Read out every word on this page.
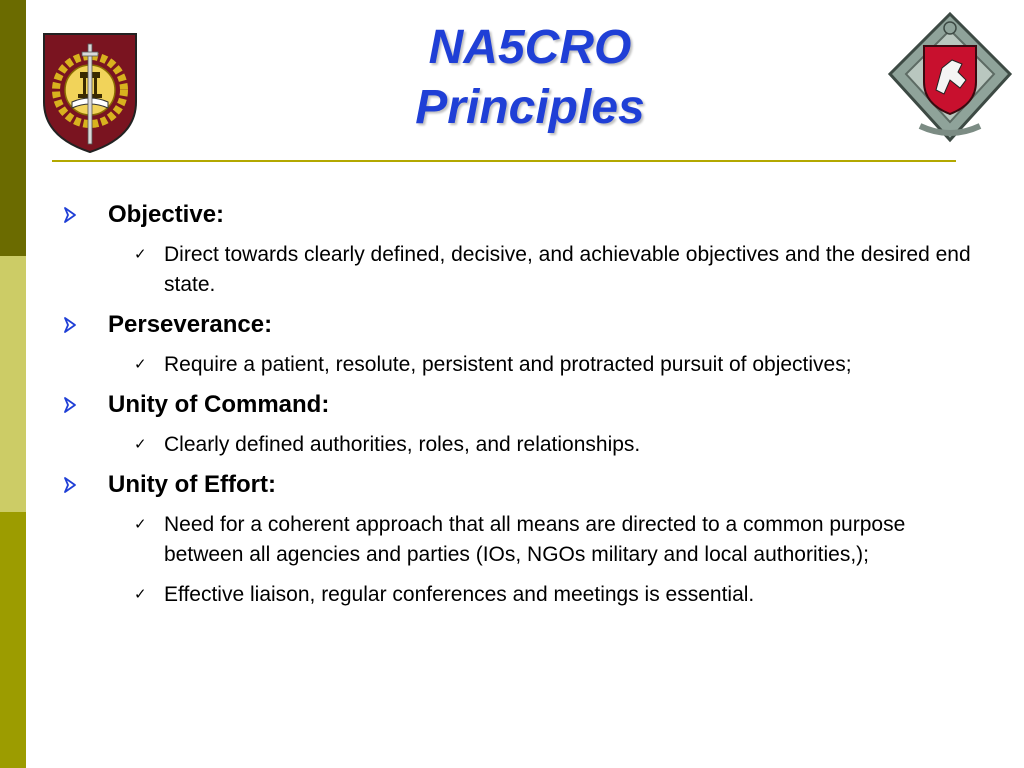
NA5CRO
Principles
Objective:
✓ Direct towards clearly defined, decisive, and achievable objectives and the desired end state.
Perseverance:
✓ Require a patient, resolute, persistent and protracted pursuit of objectives;
Unity of Command:
✓ Clearly defined authorities, roles, and relationships.
Unity of Effort:
✓ Need for a coherent approach that all means are directed to a common purpose between all agencies and parties (IOs, NGOs military and local authorities,);
✓ Effective liaison, regular conferences and meetings is essential.
